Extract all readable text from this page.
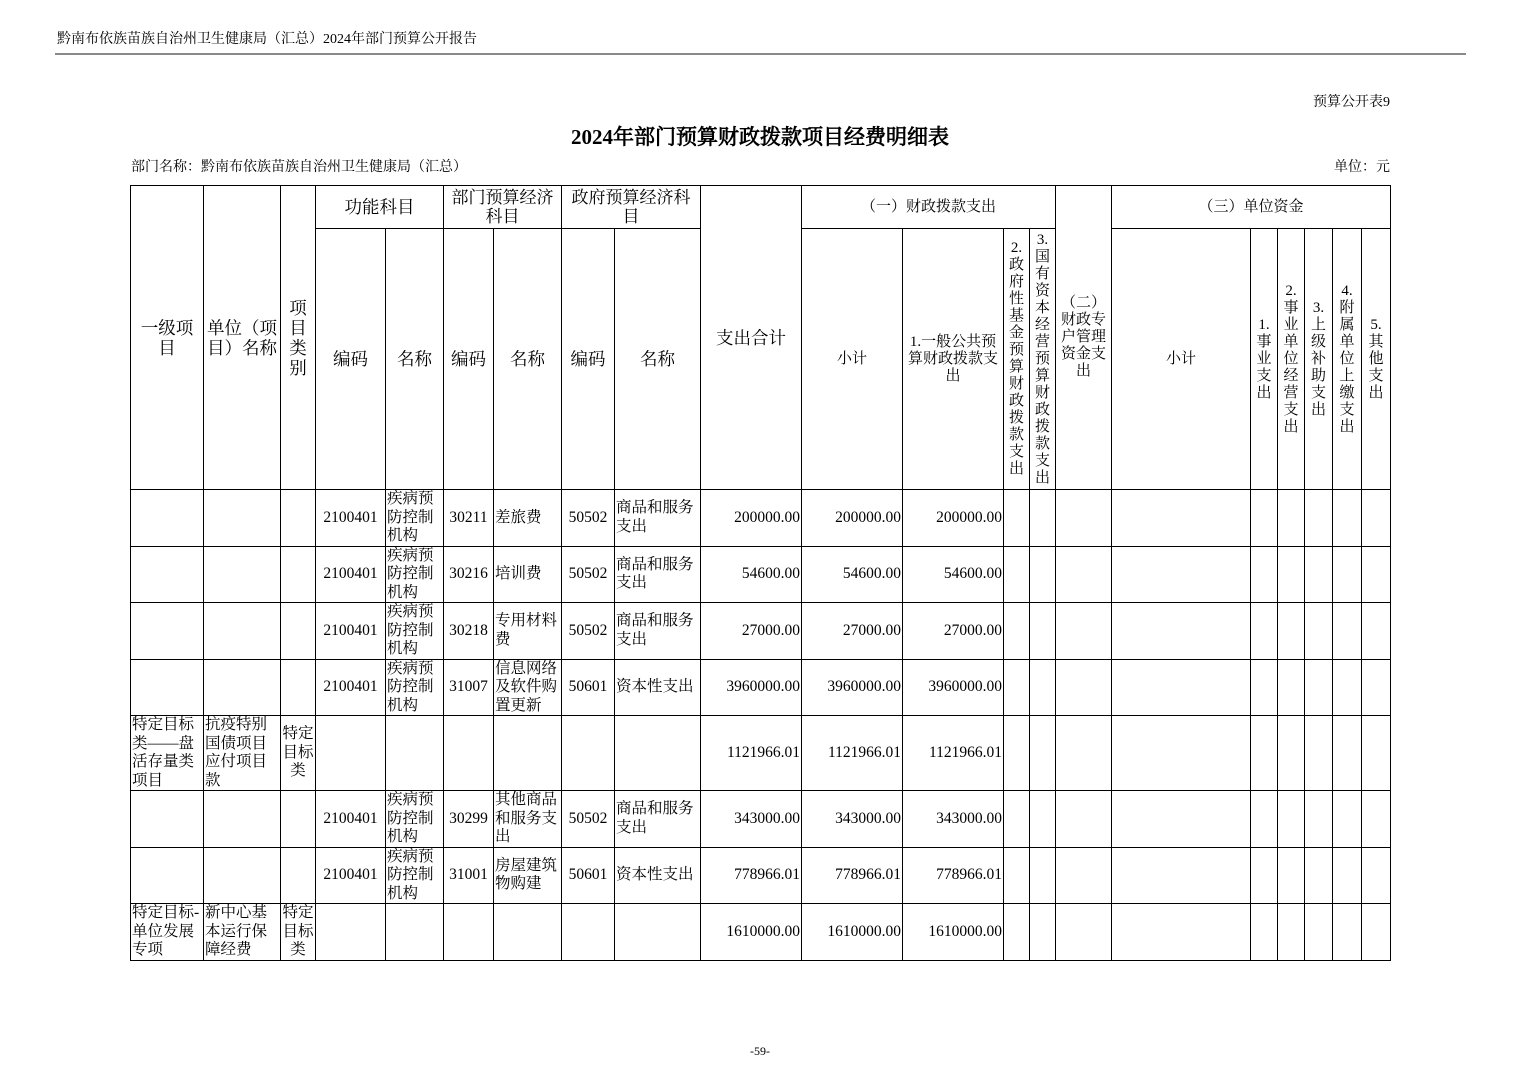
黔南布依族苗族自治州卫生健康局（汇总）2024年部门预算公开报告
预算公开表9
2024年部门预算财政拨款项目经费明细表
部门名称：黔南布依族苗族自治州卫生健康局（汇总）	单位：元
一级项目	单位（项目）名称	项目类别	功能科目		部门预算经济科目		政府预算经济科目		支出合计	（一）财政拨款支出				（二）财政专户管理资金支出	（三）单位资金					
			编码	名称	编码	名称	编码	名称		小计	1.一般公共预算财政拨款支出	2.政府性基金预算财政拨款支出	3.国有资本经营预算财政拨款支出		小计	1.事业支出	2.事业单位经营支出	3.上级补助支出	4.附属单位上缴支出	5.其他支出
			2100401	疾病预防控制机构	30211	差旅费	50502	商品和服务支出	200000.00	200000.00	200000.00									
			2100401	疾病预防控制机构	30216	培训费	50502	商品和服务支出	54600.00	54600.00	54600.00									
			2100401	疾病预防控制机构	30218	专用材料费	50502	商品和服务支出	27000.00	27000.00	27000.00									
			2100401	疾病预防控制机构	31007	信息网络及软件购置更新	50601	资本性支出	3960000.00	3960000.00	3960000.00									
特定目标类——盘活存量类项目	抗疫特别国债项目应付项目款	特定目标类							1121966.01	1121966.01	1121966.01									
			2100401	疾病预防控制机构	30299	其他商品和服务支出	50502	商品和服务支出	343000.00	343000.00	343000.00									
			2100401	疾病预防控制机构	31001	房屋建筑物购建	50601	资本性支出	778966.01	778966.01	778966.01									
特定目标-单位发展专项	新中心基本运行保障经费	特定目标类							1610000.00	1610000.00	1610000.00									
-59-
